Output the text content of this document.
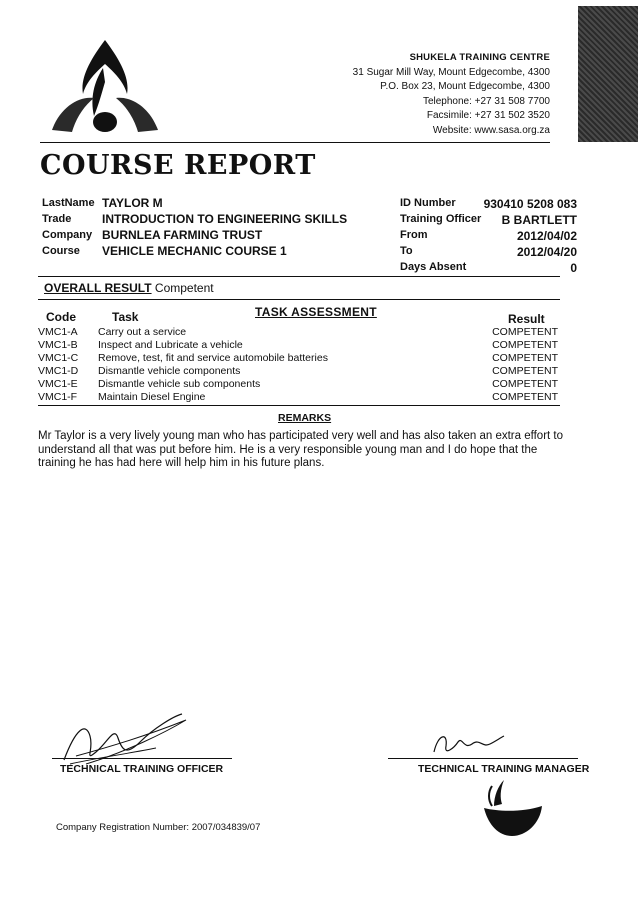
SHUKELA TRAINING CENTRE
31 Sugar Mill Way, Mount Edgecombe, 4300
P.O. Box 23, Mount Edgecombe, 4300
Telephone: +27 31 508 7700
Facsimile: +27 31 502 3520
Website: www.sasa.org.za
COURSE REPORT
LastName TAYLOR M
Trade	INTRODUCTION TO ENGINEERING SKILLS
Company BURNLEA FARMING TRUST
Course VEHICLE MECHANIC COURSE 1
ID Number 930410 5208 083
Training Officer B BARTLETT
From	2012/04/02
To	2012/04/20
Days Absent	0
OVERALL RESULT Competent
TASK ASSESSMENT
Code	Task	Result
VMC1-A Carry out a service	COMPETENT
VMC1-B Inspect and Lubricate a vehicle	COMPETENT
VMC1-C Remove, test, fit and service automobile batteries	COMPETENT
VMC1-D Dismantle vehicle components	COMPETENT
VMC1-E Dismantle vehicle sub components	COMPETENT
VMC1-F Maintain Diesel Engine	COMPETENT
REMARKS
Mr Taylor is a very lively young man who has participated very well and has also taken an extra effort to understand all that was put before him. He is a very responsible young man and I do hope that the training he has had here will help him in his future plans.
TECHNICAL TRAINING OFFICER	TECHNICAL TRAINING MANAGER
Company Registration Number: 2007/034839/07
